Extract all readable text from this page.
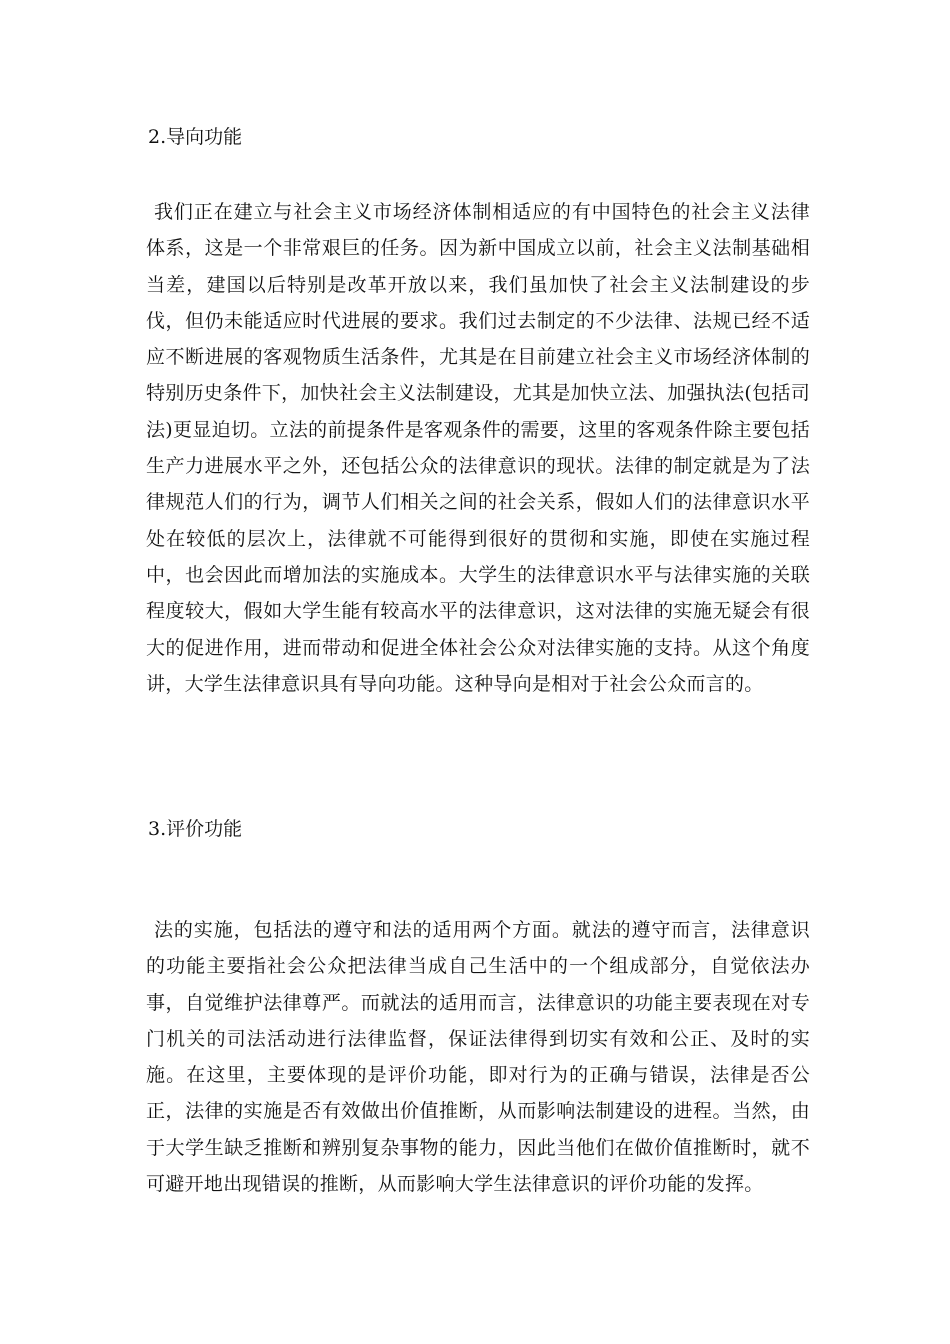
2.导向功能
我们正在建立与社会主义市场经济体制相适应的有中国特色的社会主义法律体系，这是一个非常艰巨的任务。因为新中国成立以前，社会主义法制基础相当差，建国以后特别是改革开放以来，我们虽加快了社会主义法制建设的步伐，但仍未能适应时代进展的要求。我们过去制定的不少法律、法规已经不适应不断进展的客观物质生活条件，尤其是在目前建立社会主义市场经济体制的特别历史条件下，加快社会主义法制建设，尤其是加快立法、加强执法(包括司法)更显迫切。立法的前提条件是客观条件的需要，这里的客观条件除主要包括生产力进展水平之外，还包括公众的法律意识的现状。法律的制定就是为了法律规范人们的行为，调节人们相关之间的社会关系，假如人们的法律意识水平处在较低的层次上，法律就不可能得到很好的贯彻和实施，即使在实施过程中，也会因此而增加法的实施成本。大学生的法律意识水平与法律实施的关联程度较大，假如大学生能有较高水平的法律意识，这对法律的实施无疑会有很大的促进作用，进而带动和促进全体社会公众对法律实施的支持。从这个角度讲，大学生法律意识具有导向功能。这种导向是相对于社会公众而言的。
3.评价功能
法的实施，包括法的遵守和法的适用两个方面。就法的遵守而言，法律意识的功能主要指社会公众把法律当成自己生活中的一个组成部分，自觉依法办事，自觉维护法律尊严。而就法的适用而言，法律意识的功能主要表现在对专门机关的司法活动进行法律监督，保证法律得到切实有效和公正、及时的实施。在这里，主要体现的是评价功能，即对行为的正确与错误，法律是否公正，法律的实施是否有效做出价值推断，从而影响法制建设的进程。当然，由于大学生缺乏推断和辨别复杂事物的能力，因此当他们在做价值推断时，就不可避开地出现错误的推断，从而影响大学生法律意识的评价功能的发挥。
